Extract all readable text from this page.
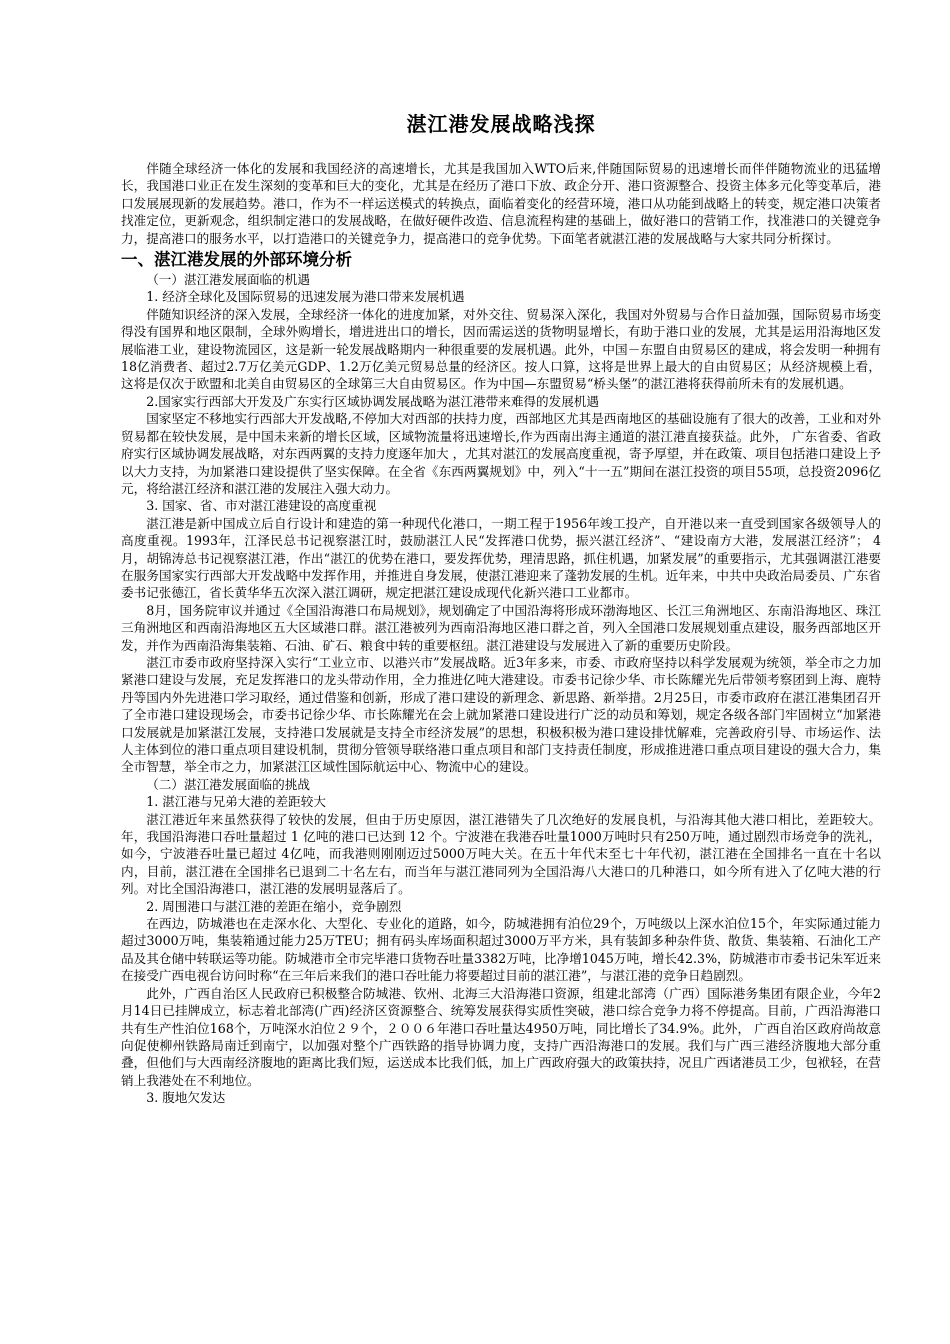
湛江港发展战略浅探

伴随全球经济一体化的发展和我国经济的高速增长，尤其是我国加入WTO后来,伴随国际贸易的迅速增长而伴伴随物流业的迅猛增长，我国港口业正在发生深刻的变革和巨大的变化，尤其是在经历了港口下放、政企分开、港口资源整合、投资主体多元化等变革后，港口发展展现新的发展趋势。港口，作为不一样运送模式的转换点，面临着变化的经营环境，港口从功能到战略上的转变，规定港口决策者找准定位，更新观念，组织制定港口的发展战略，在做好硬件改造、信息流程构建的基础上，做好港口的营销工作，找准港口的关键竞争力，提高港口的服务水平，以打造港口的关键竞争力，提高港口的竞争优势。下面笔者就湛江港的发展战略与大家共同分析探讨。

一、湛江港发展的外部环境分析
（一）湛江港发展面临的机遇
1. 经济全球化及国际贸易的迅速发展为港口带来发展机遇

伴随知识经济的深入发展，全球经济一体化的进度加紧，对外交往、贸易深入深化，我国对外贸易与合作日益加强，国际贸易市场变得没有国界和地区限制，全球外购增长，增进进出口的增长，因而需运送的货物明显增长，有助于港口业的发展，尤其是运用沿海地区发展临港工业，建设物流园区，这是新一轮发展战略期内一种很重要的发展机遇。此外，中国－东盟自由贸易区的建成，将会发明一种拥有18亿消费者、超过2.7万亿美元GDP、1.2万亿美元贸易总量的经济区。按人口算，这将是世界上最大的自由贸易区；从经济规模上看，这将是仅次于欧盟和北美自由贸易区的全球第三大自由贸易区。作为中国—东盟贸易“桥头堡”的湛江港将获得前所未有的发展机遇。

2.国家实行西部大开发及广东实行区域协调发展战略为湛江港带来难得的发展机遇

国家坚定不移地实行西部大开发战略,不停加大对西部的扶持力度，西部地区尤其是西南地区的基础设施有了很大的改善，工业和对外贸易都在较快发展，是中国未来新的增长区域，区域物流量将迅速增长,作为西南出海主通道的湛江港直接获益。此外， 广东省委、省政府实行区域协调发展战略，对东西两翼的支持力度逐年加大 ，尤其对湛江的发展高度重视，寄予厚望，并在政策、项目包括港口建设上予以大力支持，为加紧港口建设提供了坚实保障。在全省《东西两翼规划》中，列入“十一五”期间在湛江投资的项目55项，总投资2096亿元，将给湛江经济和湛江港的发展注入强大动力。

3. 国家、省、市对湛江港建设的高度重视

湛江港是新中国成立后自行设计和建造的第一种现代化港口，一期工程于1956年竣工投产，自开港以来一直受到国家各级领导人的高度重视。1993年，江泽民总书记视察湛江时，鼓励湛江人民“发挥港口优势，振兴湛江经济”、“建设南方大港，发展湛江经济”； 4月，胡锦涛总书记视察湛江港，作出“湛江的优势在港口，要发挥优势，理清思路，抓住机遇，加紧发展”的重要指示，尤其强调湛江港要在服务国家实行西部大开发战略中发挥作用，并推进自身发展，使湛江港迎来了蓬勃发展的生机。近年来，中共中央政治局委员、广东省委书记张德江，省长黄华华五次深入湛江调研，规定把湛江建设成现代化新兴港口工业都市。

8月，国务院审议并通过《全国沿海港口布局规划》，规划确定了中国沿海将形成环渤海地区、长江三角洲地区、东南沿海地区、珠江三角洲地区和西南沿海地区五大区域港口群。湛江港被列为西南沿海地区港口群之首，列入全国港口发展规划重点建设，服务西部地区开发，并作为西南沿海集装箱、石油、矿石、粮食中转的重要枢纽。湛江港建设与发展进入了新的重要历史阶段。

湛江市委市政府坚持深入实行“工业立市、以港兴市”发展战略。近3年多来，市委、市政府坚持以科学发展观为统领，举全市之力加紧港口建设与发展，充足发挥港口的龙头带动作用，全力推进亿吨大港建设。市委书记徐少华、市长陈耀光先后带领考察团到上海、鹿特丹等国内外先进港口学习取经，通过借鉴和创新，形成了港口建设的新理念、新思路、新举措。2月25日，市委市政府在湛江港集团召开了全市港口建设现场会，市委书记徐少华、市长陈耀光在会上就加紧港口建设进行广泛的动员和筹划，规定各级各部门牢固树立“加紧港口发展就是加紧湛江发展，支持港口发展就是支持全市经济发展”的思想，积极积极为港口建设排忧解难，完善政府引导、市场运作、法人主体到位的港口重点项目建设机制，贯彻分管领导联络港口重点项目和部门支持责任制度，形成推进港口重点项目建设的强大合力，集全市智慧，举全市之力，加紧湛江区域性国际航运中心、物流中心的建设。

（二）湛江港发展面临的挑战
1. 湛江港与兄弟大港的差距较大

湛江港近年来虽然获得了较快的发展，但由于历史原因，湛江港错失了几次绝好的发展良机，与沿海其他大港口相比，差距较大。 年，我国沿海港口吞吐量超过 1 亿吨的港口已达到 12 个。宁波港在我港吞吐量1000万吨时只有250万吨，通过剧烈市场竞争的洗礼，如今，宁波港吞吐量已超过 4亿吨，而我港则刚刚迈过5000万吨大关。在五十年代末至七十年代初，湛江港在全国排名一直在十名以内，目前，湛江港在全国排名已退到二十名左右，而当年与湛江港同列为全国沿海八大港口的几种港口，如今所有进入了亿吨大港的行列。对比全国沿海港口，湛江港的发展明显落后了。

2. 周围港口与湛江港的差距在缩小，竞争剧烈

在西边，防城港也在走深水化、大型化、专业化的道路，如今，防城港拥有泊位29个，万吨级以上深水泊位15个，年实际通过能力超过3000万吨，集装箱通过能力25万TEU；拥有码头库场面积超过3000万平方米，具有装卸多种杂件货、散货、集装箱、石油化工产品及其仓储中转联运等功能。防城港市全市完毕港口货物吞吐量3382万吨，比净增1045万吨，增长42.3%，防城港市市委书记朱军近来在接受广西电视台访问时称“在三年后来我们的港口吞吐能力将要超过目前的湛江港”，与湛江港的竞争日趋剧烈。

此外，广西自治区人民政府已积极整合防城港、钦州、北海三大沿海港口资源，组建北部湾（广西）国际港务集团有限企业，今年2月14日已挂牌成立，标志着北部湾(广西)经济区资源整合、统筹发展获得实质性突破，港口综合竞争力将不停提高。目前，广西沿海港口共有生产性泊位168个，万吨深水泊位２９个，２００６年港口吞吐量达4950万吨，同比增长了34.9%。此外， 广西自治区政府尚故意向促使柳州铁路局南迁到南宁，以加强对整个广西铁路的指导协调力度，支持广西沿海港口的发展。我们与广西三港经济腹地大部分重叠，但他们与大西南经济腹地的距离比我们短，运送成本比我们低，加上广西政府强大的政策扶持，况且广西诸港员工少，包袱轻，在营销上我港处在不利地位。

3. 腹地欠发达
